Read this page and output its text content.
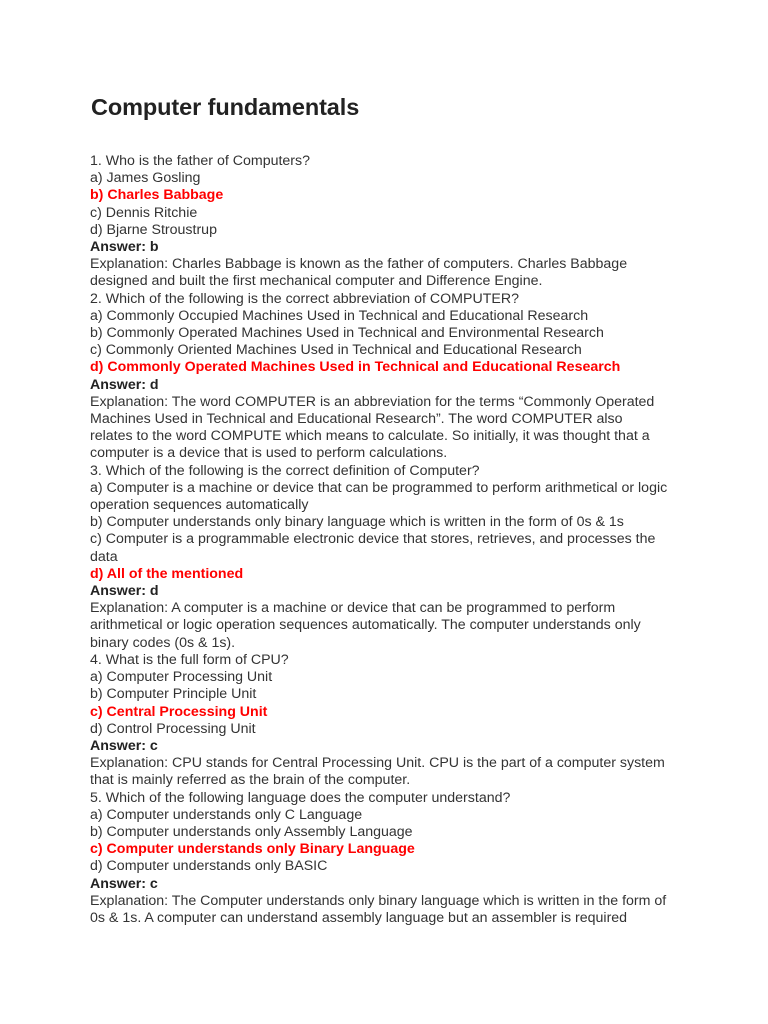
Computer fundamentals
1. Who is the father of Computers?
a) James Gosling
b) Charles Babbage
c) Dennis Ritchie
d) Bjarne Stroustrup
Answer: b
Explanation: Charles Babbage is known as the father of computers. Charles Babbage
designed and built the first mechanical computer and Difference Engine.
2. Which of the following is the correct abbreviation of COMPUTER?
a) Commonly Occupied Machines Used in Technical and Educational Research
b) Commonly Operated Machines Used in Technical and Environmental Research
c) Commonly Oriented Machines Used in Technical and Educational Research
d) Commonly Operated Machines Used in Technical and Educational Research
Answer: d
Explanation: The word COMPUTER is an abbreviation for the terms “Commonly Operated
Machines Used in Technical and Educational Research”. The word COMPUTER also
relates to the word COMPUTE which means to calculate. So initially, it was thought that a
computer is a device that is used to perform calculations.
3. Which of the following is the correct definition of Computer?
a) Computer is a machine or device that can be programmed to perform arithmetical or logic
operation sequences automatically
b) Computer understands only binary language which is written in the form of 0s & 1s
c) Computer is a programmable electronic device that stores, retrieves, and processes the
data
d) All of the mentioned
Answer: d
Explanation: A computer is a machine or device that can be programmed to perform
arithmetical or logic operation sequences automatically. The computer understands only
binary codes (0s & 1s).
4. What is the full form of CPU?
a) Computer Processing Unit
b) Computer Principle Unit
c) Central Processing Unit
d) Control Processing Unit
Answer: c
Explanation: CPU stands for Central Processing Unit. CPU is the part of a computer system
that is mainly referred as the brain of the computer.
5. Which of the following language does the computer understand?
a) Computer understands only C Language
b) Computer understands only Assembly Language
c) Computer understands only Binary Language
d) Computer understands only BASIC
Answer: c
Explanation: The Computer understands only binary language which is written in the form of
0s & 1s. A computer can understand assembly language but an assembler is required
